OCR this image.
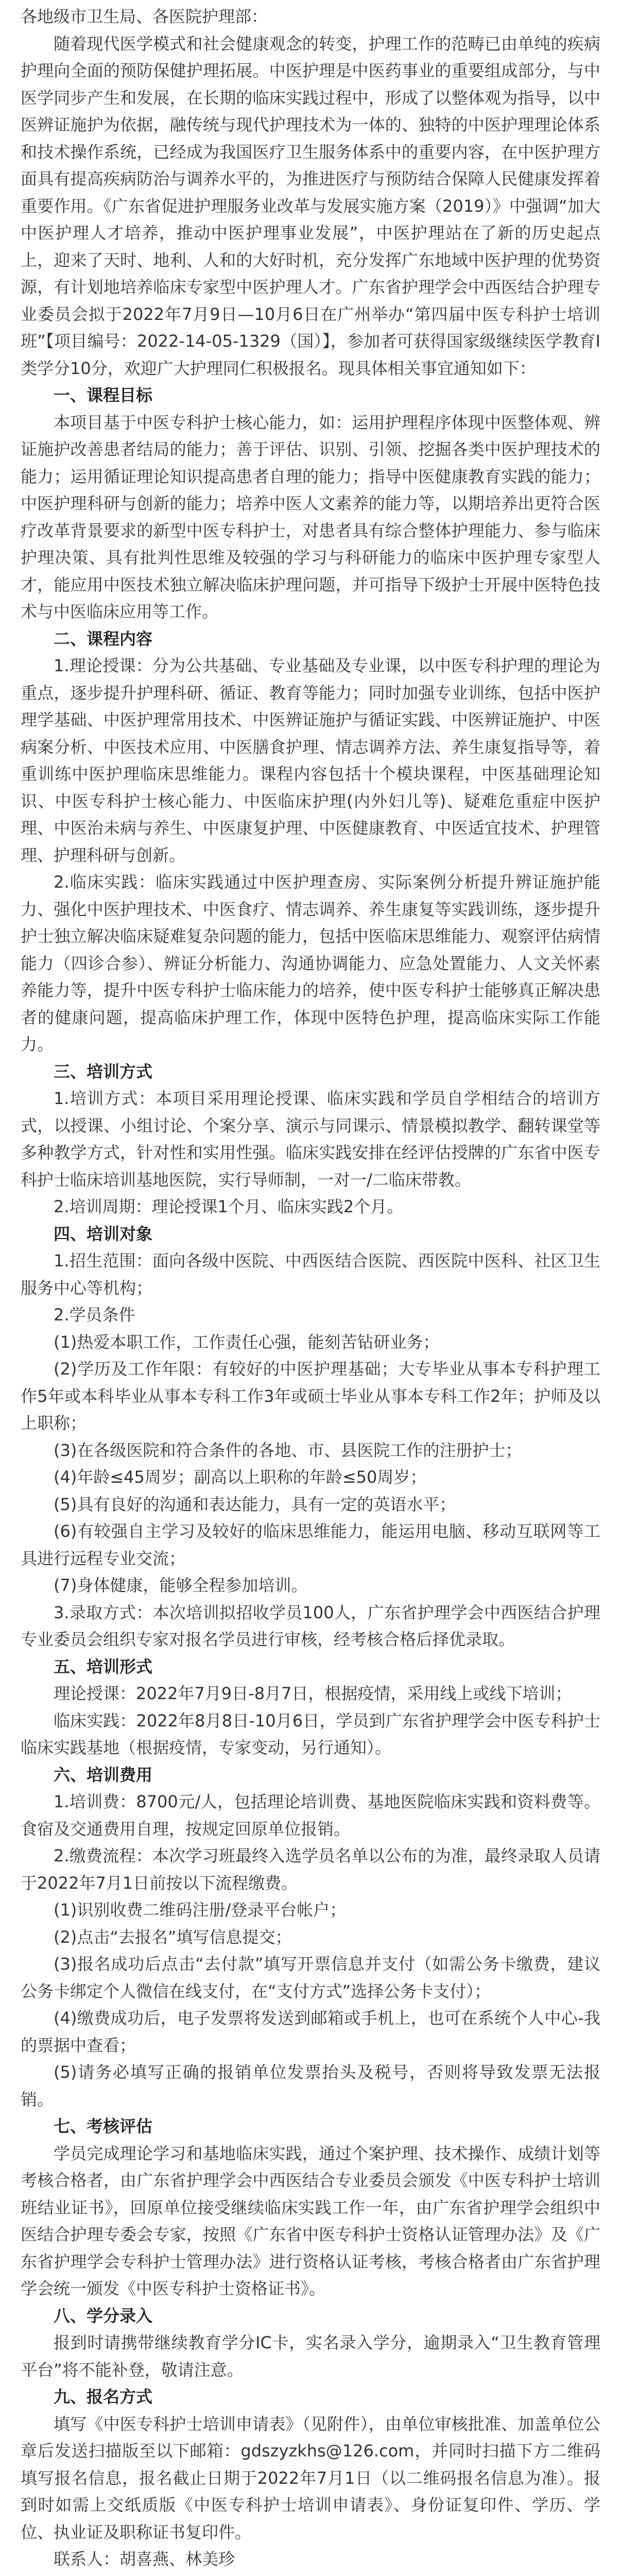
各地级市卫生局、各医院护理部：

随着现代医学模式和社会健康观念的转变，护理工作的范畴已由单纯的疾病护理向全面的预防保健护理拓展。中医护理是中医药事业的重要组成部分，与中医学同步产生和发展，在长期的临床实践过程中，形成了以整体观为指导，以中医辨证施护为依据，融传统与现代护理技术为一体的、独特的中医护理理论体系和技术操作系统，已经成为我国医疗卫生服务体系中的重要内容，在中医护理方面具有提高疾病防治与调养水平的，为推进医疗与预防结合保障人民健康发挥着重要作用。《广东省促进护理服务业改革与发展实施方案（2019）》中强调“加大中医护理人才培养，推动中医护理事业发展”，中医护理站在了新的历史起点上，迎来了天时、地利、人和的大好时机，充分发挥广东地域中医护理的优势资源，有计划地培养临床专家型中医护理人才。广东省护理学会中西医结合护理专业委员会拟于2022年7月9日—10月6日在广州举办“第四届中医专科护士培训班”【项目编号：2022-14-05-1329（国）】，参加者可获得国家级继续医学教育I类学分10分，欢迎广大护理同仁积极报名。现具体相关事宜通知如下：

一、课程目标

本项目基于中医专科护士核心能力，如：运用护理程序体现中医整体观、辨证施护改善患者结局的能力；善于评估、识别、引领、挖掘各类中医护理技术的能力；运用循证理论知识提高患者自理的能力；指导中医健康教育实践的能力；中医护理科研与创新的能力；培养中医人文素养的能力等，以期培养出更符合医疗改革背景要求的新型中医专科护士，对患者具有综合整体护理能力、参与临床护理决策、具有批判性思维及较强的学习与科研能力的临床中医护理专家型人才，能应用中医技术独立解决临床护理问题，并可指导下级护士开展中医特色技术与中医临床应用等工作。

二、课程内容

1.理论授课：分为公共基础、专业基础及专业课，以中医专科护理的理论为重点，逐步提升护理科研、循证、教育等能力；同时加强专业训练，包括中医护理学基础、中医护理常用技术、中医辨证施护与循证实践、中医辨证施护、中医病案分析、中医技术应用、中医膳食护理、情志调养方法、养生康复指导等，着重训练中医护理临床思维能力。课程内容包括十个模块课程，中医基础理论知识、中医专科护士核心能力、中医临床护理(内外妇儿等)、疑难危重症中医护理、中医治未病与养生、中医康复护理、中医健康教育、中医适宜技术、护理管理、护理科研与创新。

2.临床实践：临床实践通过中医护理查房、实际案例分析提升辨证施护能力、强化中医护理技术、中医食疗、情志调养、养生康复等实践训练，逐步提升护士独立解决临床疑难复杂问题的能力，包括中医临床思维能力、观察评估病情能力（四诊合参）、辨证分析能力、沟通协调能力、应急处置能力、人文关怀素养能力等，提升中医专科护士临床能力的培养，使中医专科护士能够真正解决患者的健康问题，提高临床护理工作，体现中医特色护理，提高临床实际工作能力。

三、培训方式

1.培训方式：本项目采用理论授课、临床实践和学员自学相结合的培训方式，以授课、小组讨论、个案分享、演示与同课示、情景模拟教学、翻转课堂等多种教学方式，针对性和实用性强。临床实践安排在经评估授牌的广东省中医专科护士临床培训基地医院，实行导师制，一对一/二临床带教。

2.培训周期：理论授课1个月、临床实践2个月。

四、培训对象

1.招生范围：面向各级中医院、中西医结合医院、西医院中医科、社区卫生服务中心等机构；

2.学员条件

(1)热爱本职工作，工作责任心强，能刻苦钻研业务；

(2)学历及工作年限：有较好的中医护理基础；大专毕业从事本专科护理工作5年或本科毕业从事本专科工作3年或硕士毕业从事本专科工作2年；护师及以上职称；

(3)在各级医院和符合条件的各地、市、县医院工作的注册护士；

(4)年龄≤45周岁；副高以上职称的年龄≤50周岁；

(5)具有良好的沟通和表达能力，具有一定的英语水平；

(6)有较强自主学习及较好的临床思维能力，能运用电脑、移动互联网等工具进行远程专业交流；

(7)身体健康，能够全程参加培训。

3.录取方式：本次培训拟招收学员100人，广东省护理学会中西医结合护理专业委员会组织专家对报名学员进行审核，经考核合格后择优录取。

五、培训形式

理论授课：2022年7月9日-8月7日，根据疫情，采用线上或线下培训；

临床实践：2022年8月8日-10月6日，学员到广东省护理学会中医专科护士临床实践基地（根据疫情，专家变动，另行通知）。

六、培训费用

1.培训费：8700元/人，包括理论培训费、基地医院临床实践和资料费等。食宿及交通费用自理，按规定回原单位报销。

2.缴费流程：本次学习班最终入选学员名单以公布的为准，最终录取人员请于2022年7月1日前按以下流程缴费。

(1)识别收费二维码注册/登录平台帐户；

(2)点击“去报名”填写信息提交；

(3)报名成功后点击“去付款”填写开票信息并支付（如需公务卡缴费，建议公务卡绑定个人微信在线支付，在“支付方式”选择公务卡支付）；

(4)缴费成功后，电子发票将发送到邮箱或手机上，也可在系统个人中心-我的票据中查看；

(5)请务必填写正确的报销单位发票抬头及税号，否则将导致发票无法报销。

七、考核评估

学员完成理论学习和基地临床实践，通过个案护理、技术操作、成绩计划等考核合格者，由广东省护理学会中西医结合专业委员会颁发《中医专科护士培训班结业证书》，回原单位接受继续临床实践工作一年，由广东省护理学会组织中医结合护理专委会专家，按照《广东省中医专科护士资格认证管理办法》及《广东省护理学会专科护士管理办法》进行资格认证考核，考核合格者由广东省护理学会统一颁发《中医专科护士资格证书》。

八、学分录入

报到时请携带继续教育学分IC卡，实名录入学分，逾期录入“卫生教育管理平台”将不能补登，敬请注意。

九、报名方式

填写《中医专科护士培训申请表》（见附件），由单位审核批准、加盖单位公章后发送扫描版至以下邮箱：gdszyzkhs@126.com，并同时扫描下方二维码填写报名信息，报名截止日期于2022年7月1日（以二维码报名信息为准）。报到时如需上交纸质版《中医专科护士培训申请表》、身份证复印件、学历、学位、执业证及职称证书复印件。

联系人：胡喜燕、林美珍
